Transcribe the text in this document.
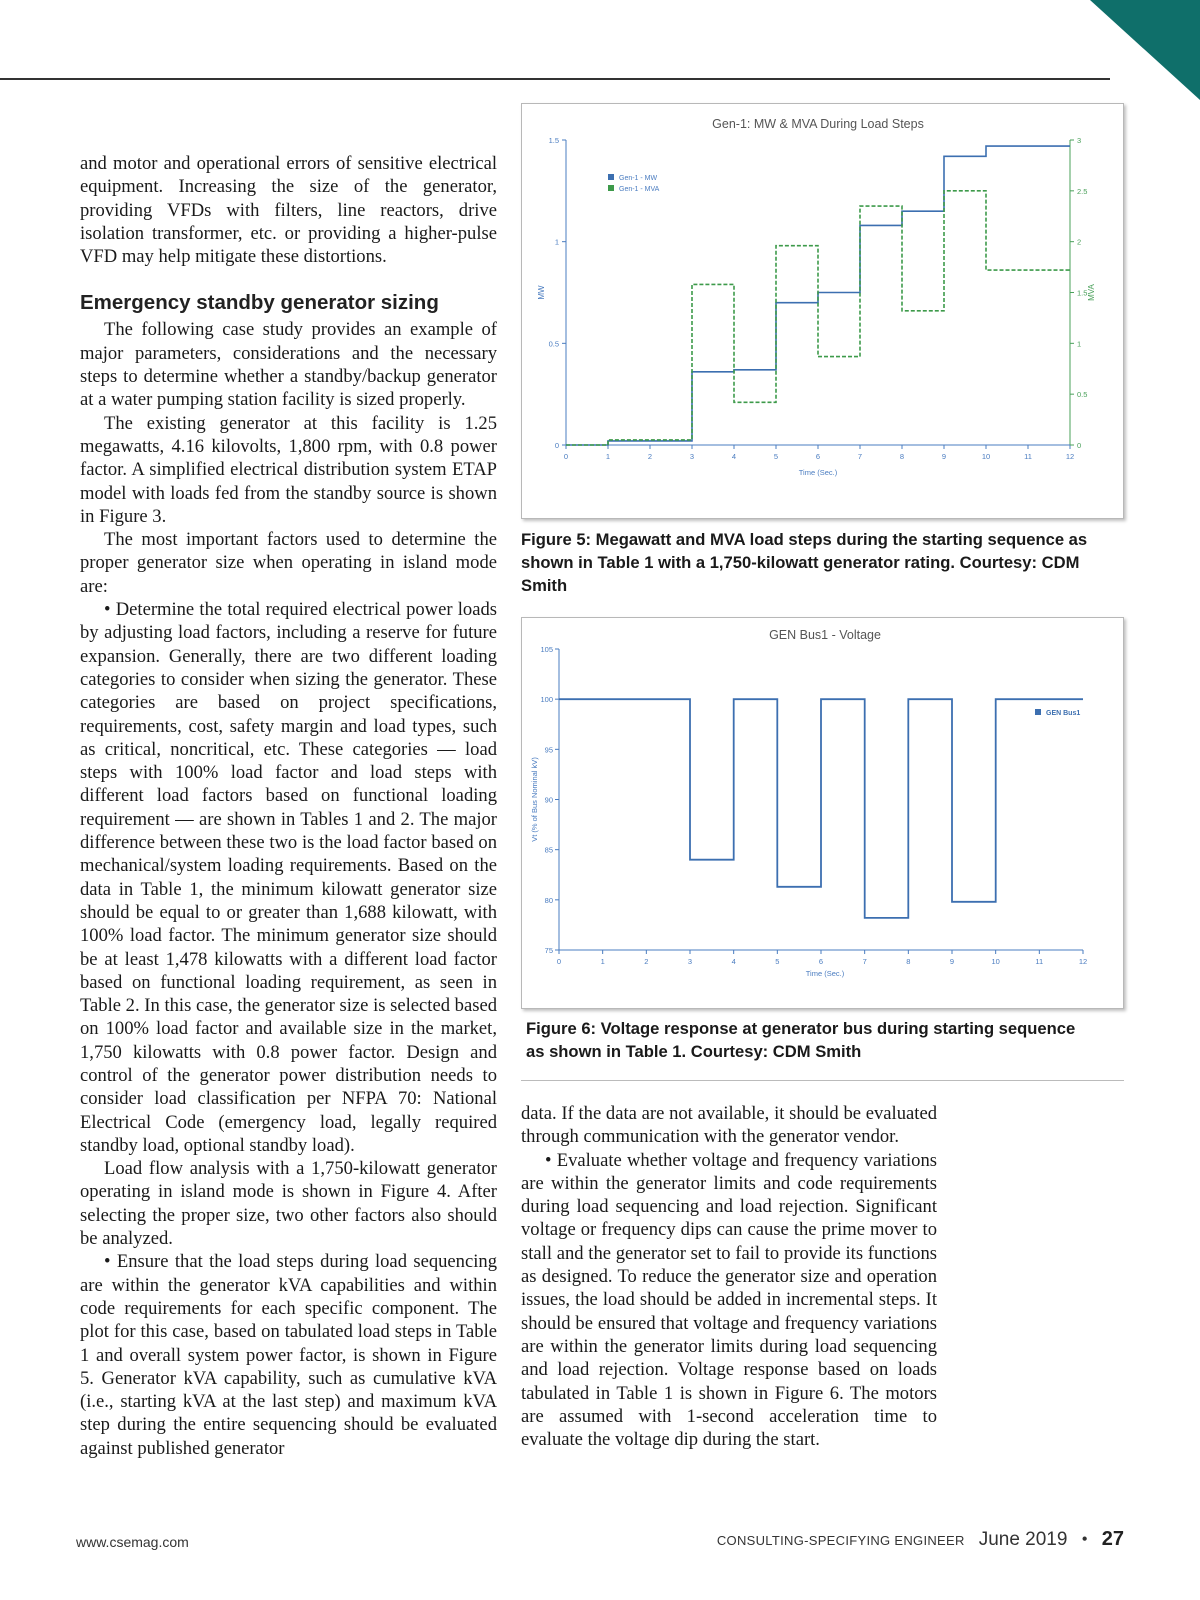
and motor and operational errors of sensitive electrical equipment. Increasing the size of the generator, providing VFDs with filters, line reactors, drive isolation transformer, etc. or providing a higher-pulse VFD may help mitigate these distortions.

Emergency standby generator sizing

The following case study provides an example of major parameters, considerations and the necessary steps to determine whether a standby/backup generator at a water pumping station facility is sized properly.

The existing generator at this facility is 1.25 megawatts, 4.16 kilovolts, 1,800 rpm, with 0.8 power factor. A simplified electrical distribution system ETAP model with loads fed from the standby source is shown in Figure 3.

The most important factors used to determine the proper generator size when operating in island mode are:

• Determine the total required electrical power loads by adjusting load factors, including a reserve for future expansion. Generally, there are two different loading categories to consider when sizing the generator. These categories are based on project specifications, requirements, cost, safety margin and load types, such as critical, noncritical, etc. These categories — load steps with 100% load factor and load steps with different load factors based on functional loading requirement — are shown in Tables 1 and 2. The major difference between these two is the load factor based on mechanical/system loading requirements. Based on the data in Table 1, the minimum kilowatt generator size should be equal to or greater than 1,688 kilowatt, with 100% load factor. The minimum generator size should be at least 1,478 kilowatts with a different load factor based on functional loading requirement, as seen in Table 2. In this case, the generator size is selected based on 100% load factor and available size in the market, 1,750 kilowatts with 0.8 power factor. Design and control of the generator power distribution needs to consider load classification per NFPA 70: National Electrical Code (emergency load, legally required standby load, optional standby load).

Load flow analysis with a 1,750-kilowatt generator operating in island mode is shown in Figure 4. After selecting the proper size, two other factors also should be analyzed.

• Ensure that the load steps during load sequencing are within the generator kVA capabilities and within code requirements for each specific component. The plot for this case, based on tabulated load steps in Table 1 and overall system power factor, is shown in Figure 5. Generator kVA capability, such as cumulative kVA (i.e., starting kVA at the last step) and maximum kVA step during the entire sequencing should be evaluated against published generator

Gen-1: MW & MVA During Load Steps
0	1	2	3	4	5	6	7	8	9	10	11	12
0
0.5
1
1.5
0
0.5
1
1.5
2
2.5
3
Time (Sec.)
MW	MVA
Gen-1 - MW
Gen-1 - MVA
Figure 5: Megawatt and MVA load steps during the starting sequence as shown in Table 1 with a 1,750-kilowatt generator rating. Courtesy: CDM Smith
GEN Bus1 - Voltage
0	1	2	3	4	5	6	7	8	9	10	11	12
75
80
85
90
95
100
105
Time (Sec.)
Vt (% of Bus Nominal kV)
GEN Bus1
Figure 6: Voltage response at generator bus during starting sequence as shown in Table 1. Courtesy: CDM Smith

data. If the data are not available, it should be evaluated through communication with the generator vendor.

• Evaluate whether voltage and frequency variations are within the generator limits and code requirements during load sequencing and load rejection. Significant voltage or frequency dips can cause the prime mover to stall and the generator set to fail to provide its functions as designed. To reduce the generator size and operation issues, the load should be added in incremental steps. It should be ensured that voltage and frequency variations are within the generator limits during load sequencing and load rejection. Voltage response based on loads tabulated in Table 1 is shown in Figure 6. The motors are assumed with 1-second acceleration time to evaluate the voltage dip during the start.

www.csemag.com	CONSULTING-SPECIFYING ENGINEER June 2019 • 27
